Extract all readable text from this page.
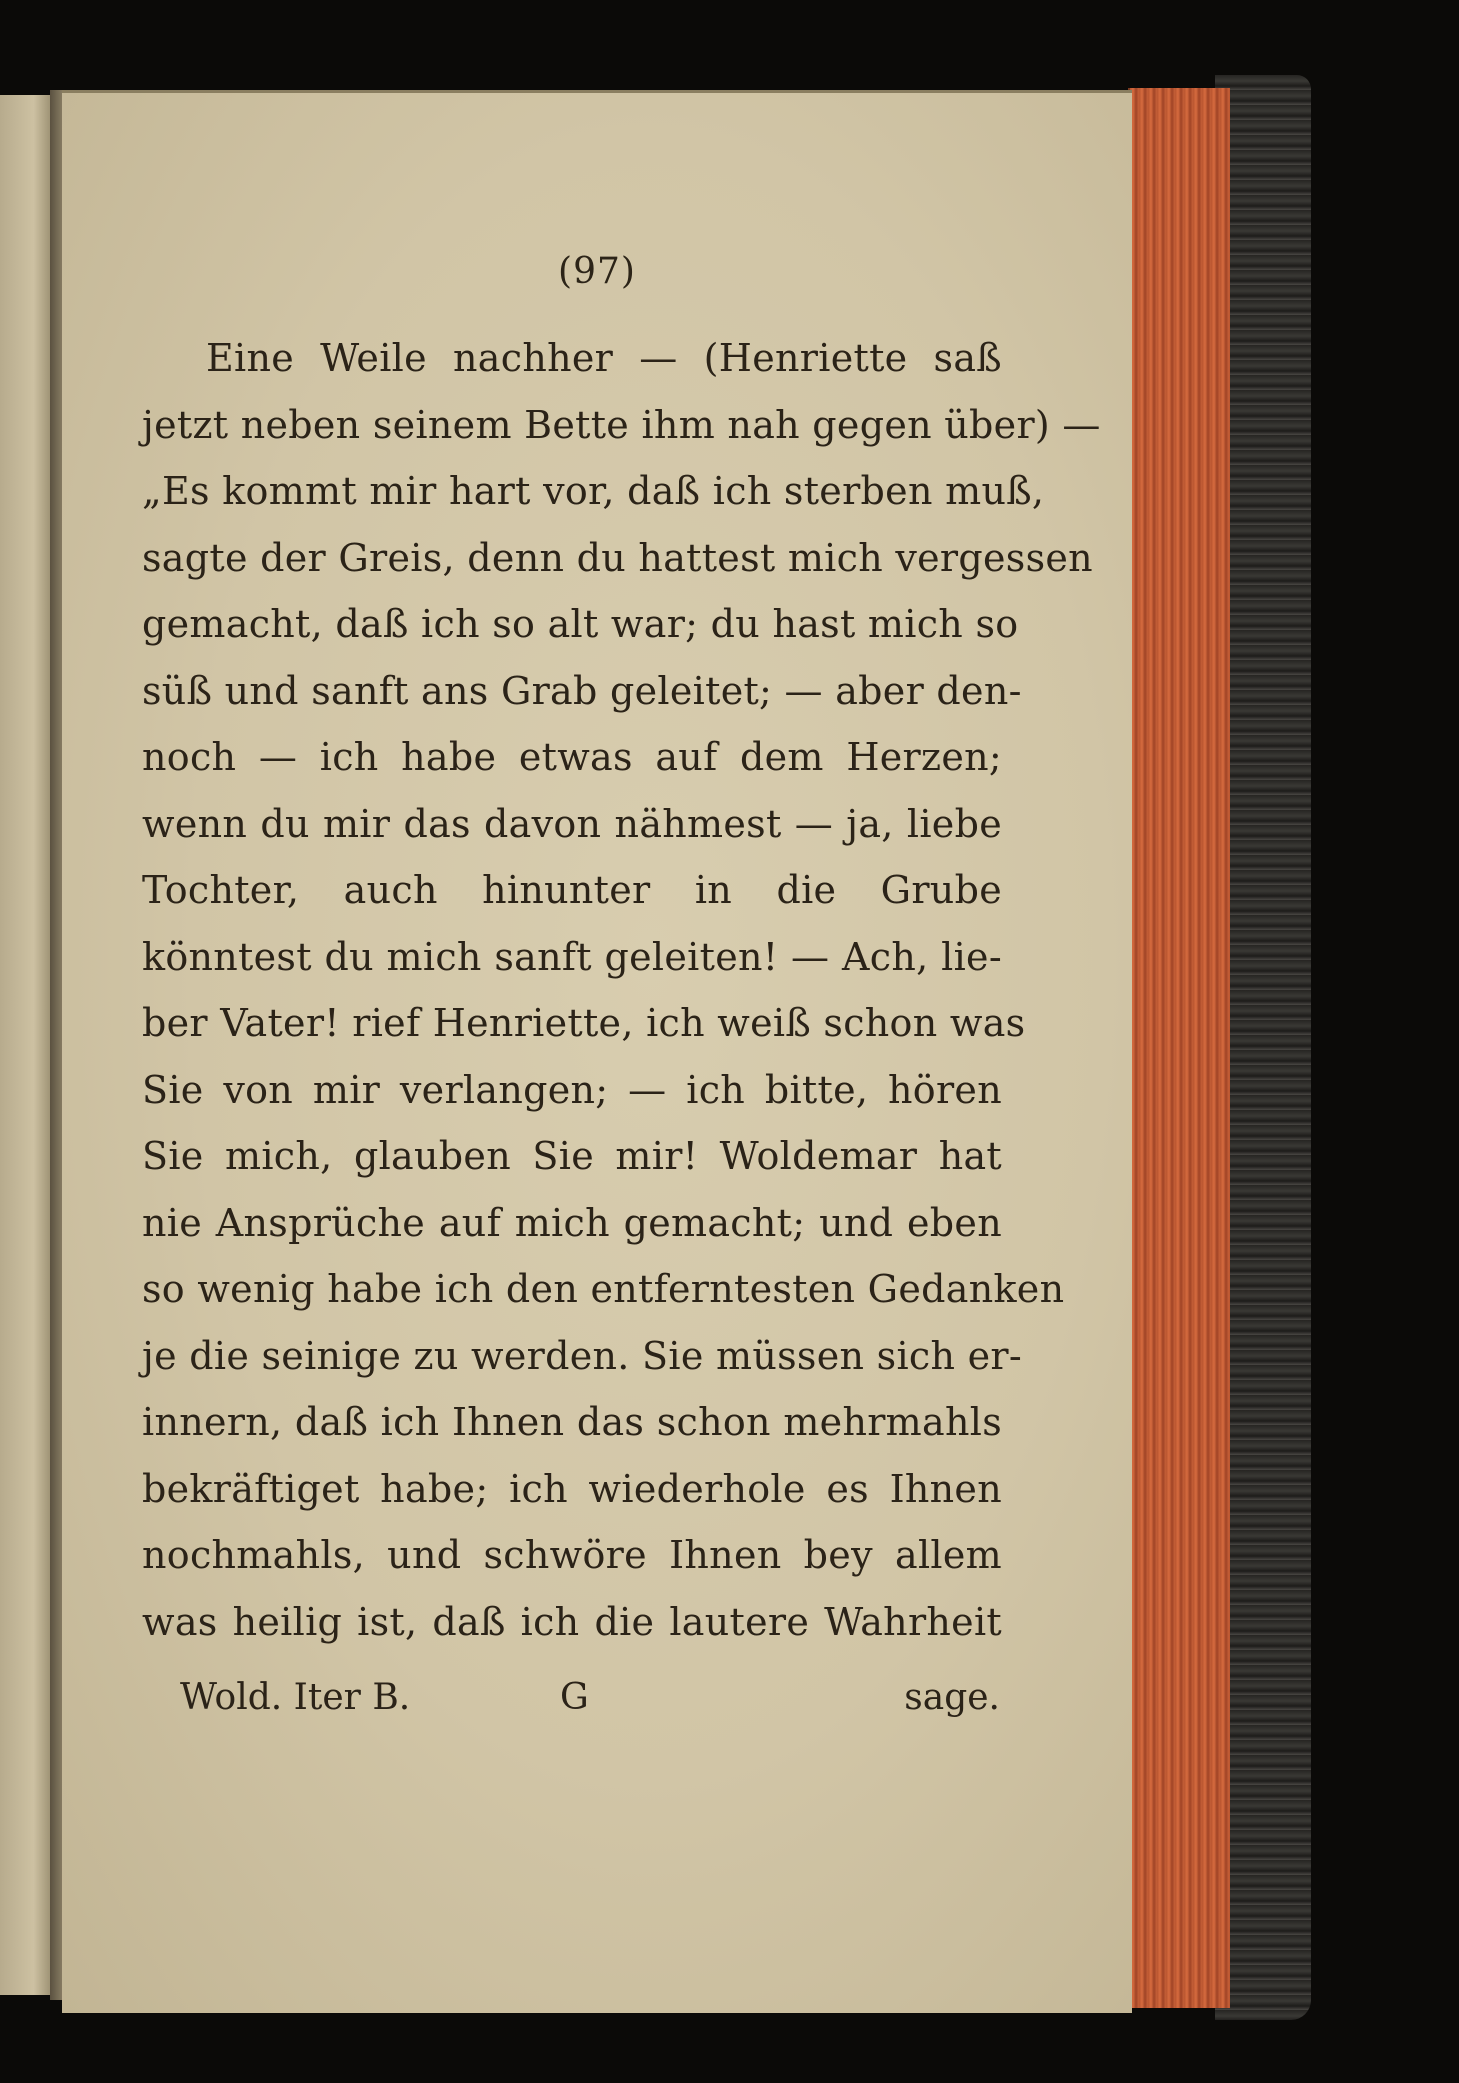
(97)
Eine Weile nachher — (Henriette saß
jetzt neben seinem Bette ihm nah gegen über) —
„Es kommt mir hart vor, daß ich sterben muß,
sagte der Greis, denn du hattest mich vergessen
gemacht, daß ich so alt war; du hast mich so
süß und sanft ans Grab geleitet; — aber den-
noch — ich habe etwas auf dem Herzen;
wenn du mir das davon nähmest — ja, liebe
Tochter, auch hinunter in die Grube
könntest du mich sanft geleiten! — Ach, lie-
ber Vater! rief Henriette, ich weiß schon was
Sie von mir verlangen; — ich bitte, hören
Sie mich, glauben Sie mir! Woldemar hat
nie Ansprüche auf mich gemacht; und eben
so wenig habe ich den entferntesten Gedanken
je die seinige zu werden. Sie müssen sich er-
innern, daß ich Ihnen das schon mehrmahls
bekräftiget habe; ich wiederhole es Ihnen
nochmahls, und schwöre Ihnen bey allem
was heilig ist, daß ich die lautere Wahrheit
Wold. Iter B.	G	sage.
